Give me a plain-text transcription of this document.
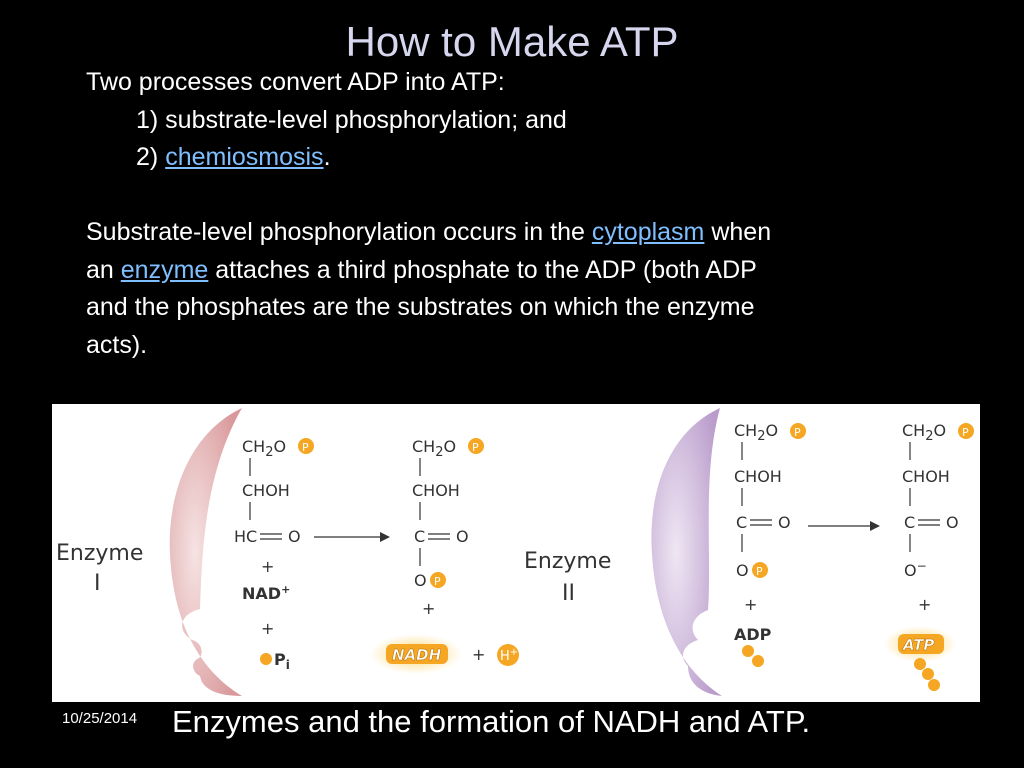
How to Make ATP
Two processes convert ADP into ATP:
1) substrate-level phosphorylation; and
2) chemiosmosis.
Substrate-level phosphorylation occurs in the cytoplasm when
an enzyme attaches a third phosphate to the ADP (both ADP
and the phosphates are the substrates on which the enzyme
acts).
Enzyme
I
$CH_2O$
CHOH
HC O
+
NAD+
+
$P_i$
P	$CH_2O$
CHOH
C O
O
+
+
P
P
NADH	H+
Enzyme
II
$CH_2O$
CHOH
C O
O
+
ADP
P
P
$CH_2O$
CHOH
C O
O−
+
P
ATP
10/25/2014 Enzymes and the formation of NADH and ATP.
